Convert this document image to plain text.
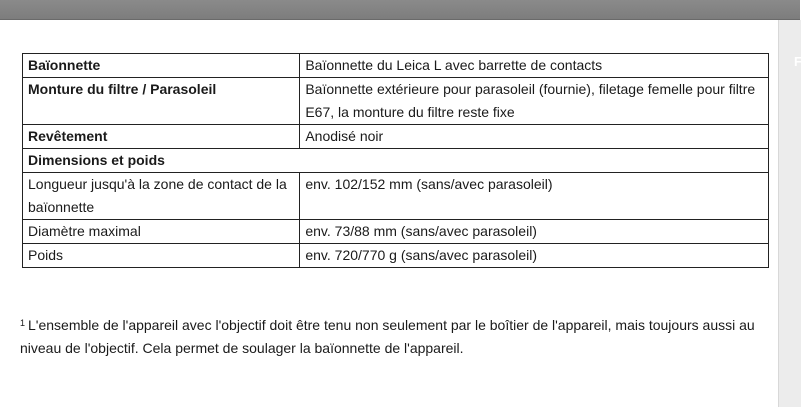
F
Baïonnette	Baïonnette du Leica L avec barrette de contacts
Monture du filtre / Parasoleil	Baïonnette extérieure pour parasoleil (fournie), filetage femelle pour filtre E67, la monture du filtre reste fixe
Revêtement	Anodisé noir
Dimensions et poids	
Longueur jusqu'à la zone de contact de la baïonnette	env. 102/152 mm (sans/avec parasoleil)
Diamètre maximal	env. 73/88 mm (sans/avec parasoleil)
Poids	env. 720/770 g (sans/avec parasoleil)
$^1$ L'ensemble de l'appareil avec l'objectif doit être tenu non seulement par le boîtier de l'appareil, mais toujours aussi au niveau de l'objectif. Cela permet de soulager la baïonnette de l'appareil.
